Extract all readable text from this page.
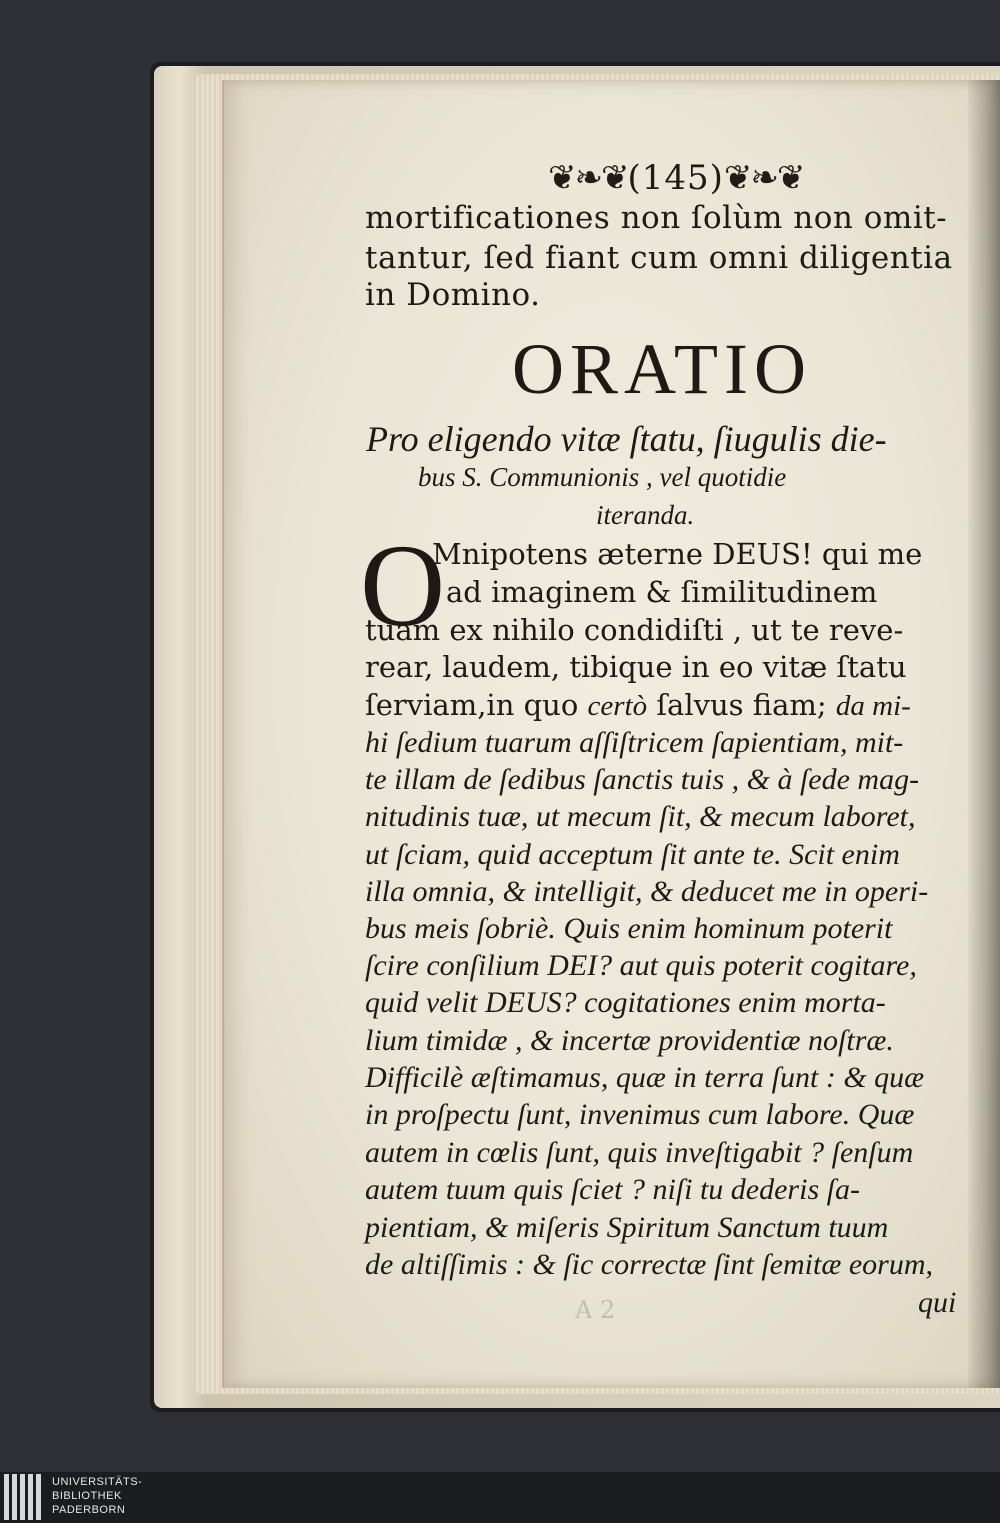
❦❧❦(145)❦❧❦
mortificationes non ſolùm non omit-
tantur, ſed fiant cum omni diligentia
in Domino.
ORATIO
Pro eligendo vitæ ſtatu, ſiugulis die-
bus S. Communionis , vel quotidie
iteranda.
O
Mnipotens æterne DEUS! qui me
ad imaginem & ſimilitudinem
tuam ex nihilo condidiſti , ut te reve-
rear, laudem, tibique in eo vitæ ſtatu
ſerviam,in quo certò ſalvus fiam; da mi-
hi ſedium tuarum aſſiſtricem ſapientiam, mit-
te illam de ſedibus ſanctis tuis , & à ſede mag-
nitudinis tuæ, ut mecum ſit, & mecum laboret,
ut ſciam, quid acceptum ſit ante te. Scit enim
illa omnia, & intelligit, & deducet me in operi-
bus meis ſobriè. Quis enim hominum poterit
ſcire conſilium DEI? aut quis poterit cogitare,
quid velit DEUS? cogitationes enim morta-
lium timidæ , & incertæ providentiæ noſtræ.
Difficilè æſtimamus, quæ in terra ſunt : & quæ
in proſpectu ſunt, invenimus cum labore. Quæ
autem in cœlis ſunt, quis inveſtigabit ? ſenſum
autem tuum quis ſciet ? niſi tu dederis ſa-
pientiam, & miſeris Spiritum Sanctum tuum
de altiſſimis : & ſic correctæ ſint ſemitæ eorum,
qui
A 2
UNIVERSITÄTS-
BIBLIOTHEK
PADERBORN
